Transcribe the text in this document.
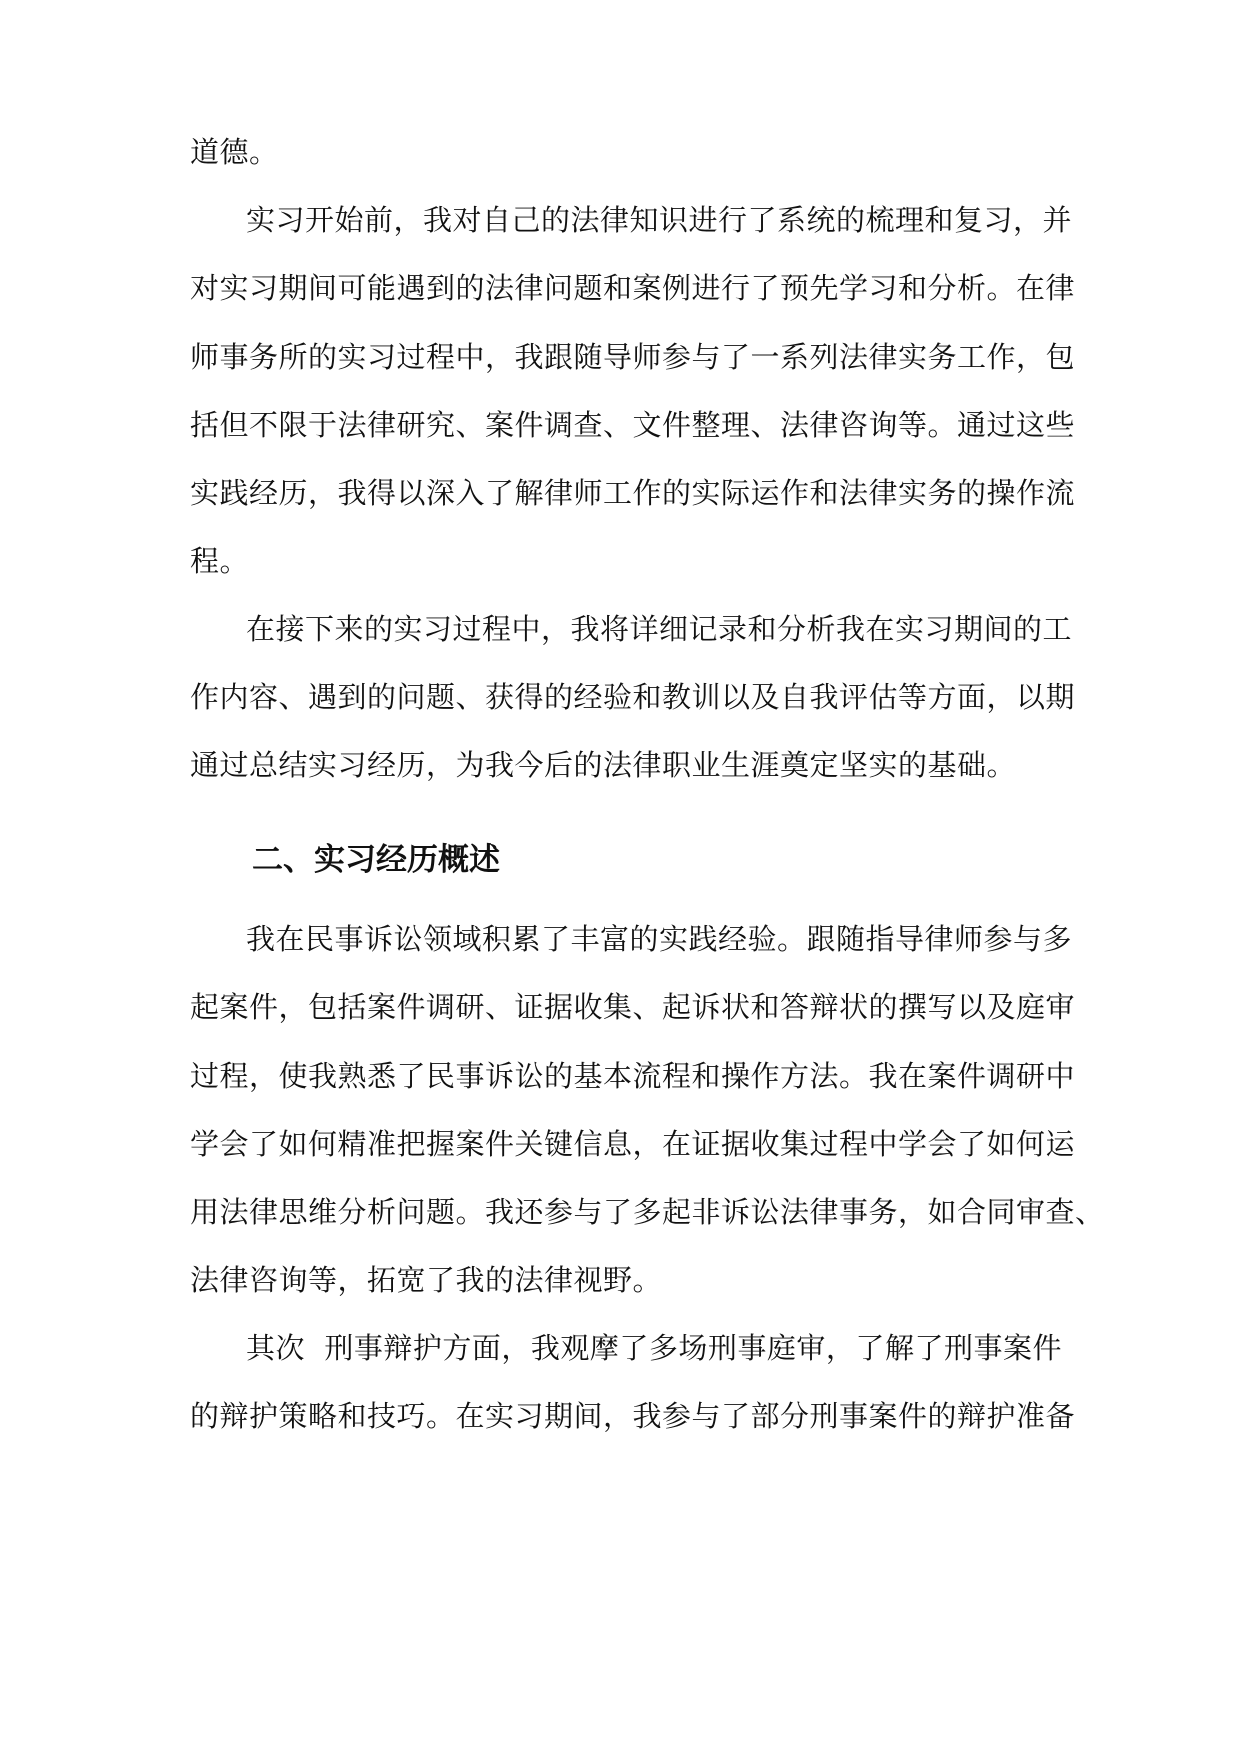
道德。
实习开始前，我对自己的法律知识进行了系统的梳理和复习，并
对实习期间可能遇到的法律问题和案例进行了预先学习和分析。在律
师事务所的实习过程中，我跟随导师参与了一系列法律实务工作，包
括但不限于法律研究、案件调查、文件整理、法律咨询等。通过这些
实践经历，我得以深入了解律师工作的实际运作和法律实务的操作流
程。
在接下来的实习过程中，我将详细记录和分析我在实习期间的工
作内容、遇到的问题、获得的经验和教训以及自我评估等方面，以期
通过总结实习经历，为我今后的法律职业生涯奠定坚实的基础。
二、实习经历概述
我在民事诉讼领域积累了丰富的实践经验。跟随指导律师参与多
起案件，包括案件调研、证据收集、起诉状和答辩状的撰写以及庭审
过程，使我熟悉了民事诉讼的基本流程和操作方法。我在案件调研中
学会了如何精准把握案件关键信息，在证据收集过程中学会了如何运
用法律思维分析问题。我还参与了多起非诉讼法律事务，如合同审查、
法律咨询等，拓宽了我的法律视野。
其次  刑事辩护方面，我观摩了多场刑事庭审，了解了刑事案件
的辩护策略和技巧。在实习期间，我参与了部分刑事案件的辩护准备
